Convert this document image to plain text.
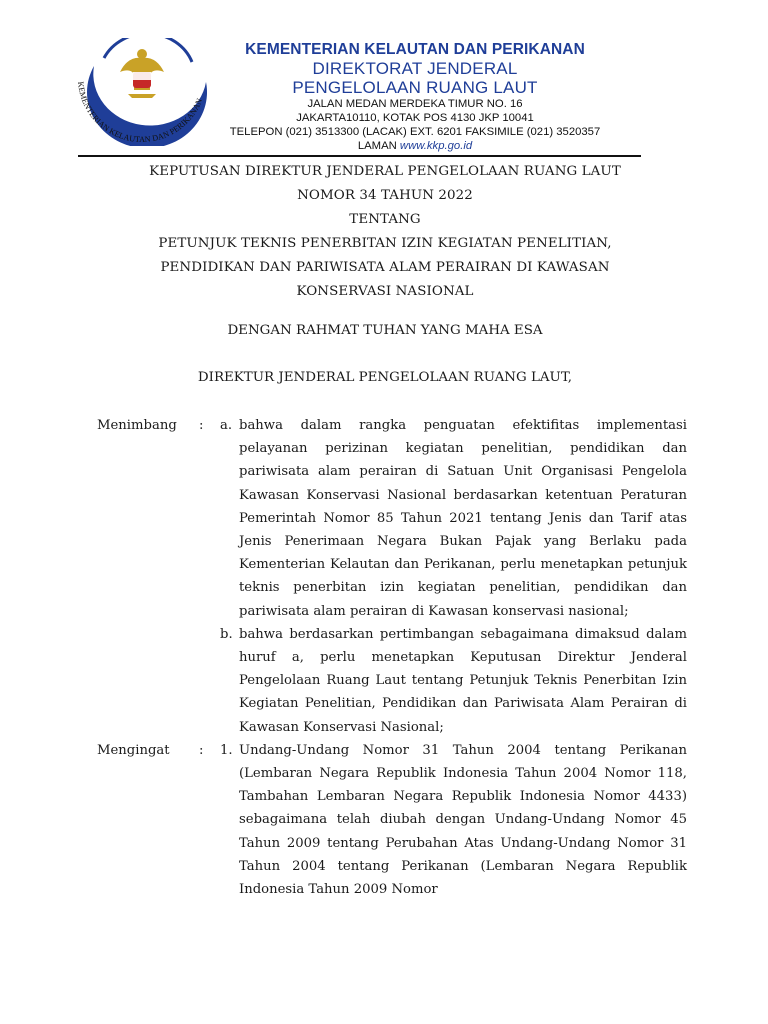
KEMENTERIAN KELAUTAN DAN PERIKANAN
KEMENTERIAN KELAUTAN DAN PERIKANAN
DIREKTORAT JENDERAL
PENGELOLAAN RUANG LAUT
JALAN MEDAN MERDEKA TIMUR NO. 16
JAKARTA10110, KOTAK POS 4130 JKP 10041
TELEPON (021) 3513300 (LACAK) EXT. 6201 FAKSIMILE (021) 3520357
LAMAN www.kkp.go.id
KEPUTUSAN DIREKTUR JENDERAL PENGELOLAAN RUANG LAUT
NOMOR 34 TAHUN 2022
TENTANG
PETUNJUK TEKNIS PENERBITAN IZIN KEGIATAN PENELITIAN,
PENDIDIKAN DAN PARIWISATA ALAM PERAIRAN DI KAWASAN
KONSERVASI NASIONAL
DENGAN RAHMAT TUHAN YANG MAHA ESA
DIREKTUR JENDERAL PENGELOLAAN RUANG LAUT,
Menimbang : a. bahwa dalam rangka penguatan efektifitas implementasi pelayanan perizinan kegiatan penelitian, pendidikan dan pariwisata alam perairan di Satuan Unit Organisasi Pengelola Kawasan Konservasi Nasional berdasarkan ketentuan Peraturan Pemerintah Nomor 85 Tahun 2021 tentang Jenis dan Tarif atas Jenis Penerimaan Negara Bukan Pajak yang Berlaku pada Kementerian Kelautan dan Perikanan, perlu menetapkan petunjuk teknis penerbitan izin kegiatan penelitian, pendidikan dan pariwisata alam perairan di Kawasan konservasi nasional;
b. bahwa berdasarkan pertimbangan sebagaimana dimaksud dalam huruf a, perlu menetapkan Keputusan Direktur Jenderal Pengelolaan Ruang Laut tentang Petunjuk Teknis Penerbitan Izin Kegiatan Penelitian, Pendidikan dan Pariwisata Alam Perairan di Kawasan Konservasi Nasional;
Mengingat : 1. Undang-Undang Nomor 31 Tahun 2004 tentang Perikanan (Lembaran Negara Republik Indonesia Tahun 2004 Nomor 118, Tambahan Lembaran Negara Republik Indonesia Nomor 4433) sebagaimana telah diubah dengan Undang-Undang Nomor 45 Tahun 2009 tentang Perubahan Atas Undang-Undang Nomor 31 Tahun 2004 tentang Perikanan (Lembaran Negara Republik Indonesia Tahun 2009 Nomor
